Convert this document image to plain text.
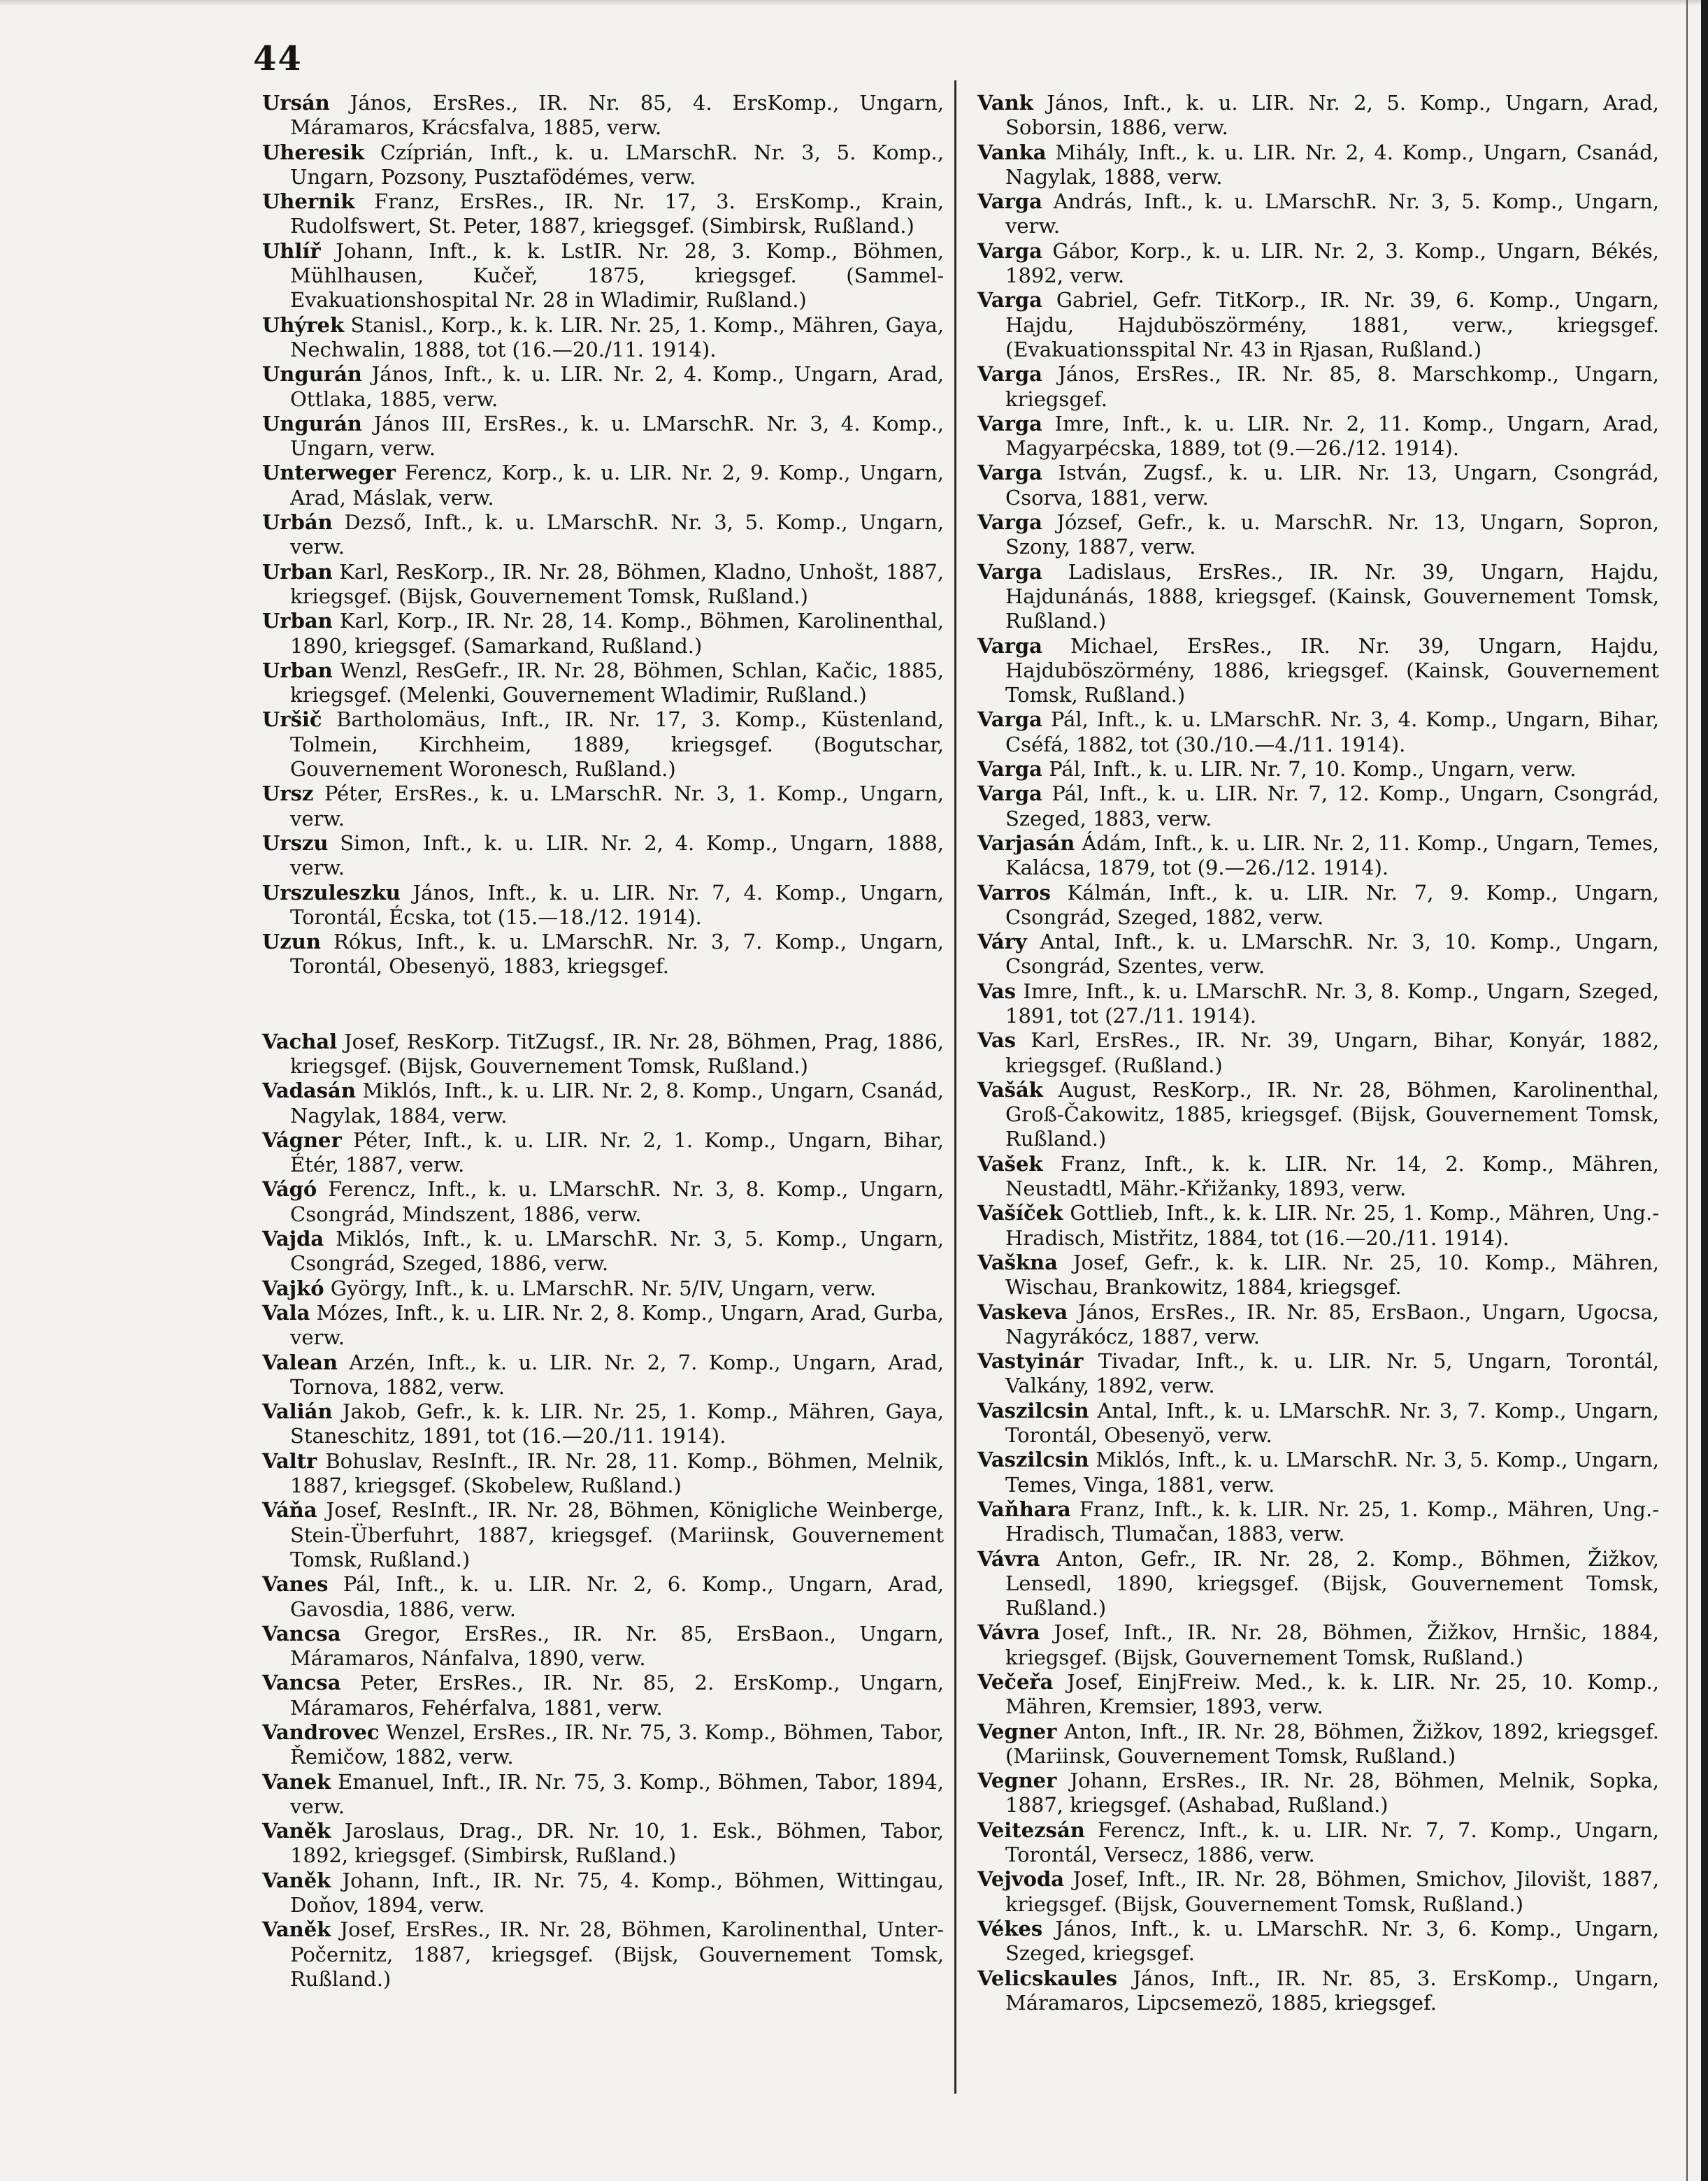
44

Ursán János, ErsRes., IR. Nr. 85, 4. ErsKomp., Ungarn, Máramaros, Krácsfalva, 1885, verw.

Uheresik Czíprián, Inft., k. u. LMarschR. Nr. 3, 5. Komp., Ungarn, Pozsony, Pusztafödémes, verw.

Uhernik Franz, ErsRes., IR. Nr. 17, 3. ErsKomp., Krain, Rudolfswert, St. Peter, 1887, kriegsgef. (Simbirsk, Rußland.)

Uhlíř Johann, Inft., k. k. LstIR. Nr. 28, 3. Komp., Böhmen, Mühlhausen, Kučeř, 1875, kriegsgef. (Sammel-Evakuationshospital Nr. 28 in Wladimir, Rußland.)

Uhýrek Stanisl., Korp., k. k. LIR. Nr. 25, 1. Komp., Mähren, Gaya, Nechwalin, 1888, tot (16.—20./11. 1914).

Ungurán János, Inft., k. u. LIR. Nr. 2, 4. Komp., Ungarn, Arad, Ottlaka, 1885, verw.

Ungurán János III, ErsRes., k. u. LMarschR. Nr. 3, 4. Komp., Ungarn, verw.

Unterweger Ferencz, Korp., k. u. LIR. Nr. 2, 9. Komp., Ungarn, Arad, Máslak, verw.

Urbán Dezső, Inft., k. u. LMarschR. Nr. 3, 5. Komp., Ungarn, verw.

Urban Karl, ResKorp., IR. Nr. 28, Böhmen, Kladno, Unhošt, 1887, kriegsgef. (Bijsk, Gouvernement Tomsk, Rußland.)

Urban Karl, Korp., IR. Nr. 28, 14. Komp., Böhmen, Karolinenthal, 1890, kriegsgef. (Samarkand, Rußland.)

Urban Wenzl, ResGefr., IR. Nr. 28, Böhmen, Schlan, Kačic, 1885, kriegsgef. (Melenki, Gouvernement Wladimir, Rußland.)

Uršič Bartholomäus, Inft., IR. Nr. 17, 3. Komp., Küstenland, Tolmein, Kirchheim, 1889, kriegsgef. (Bogutschar, Gouvernement Woronesch, Rußland.)

Ursz Péter, ErsRes., k. u. LMarschR. Nr. 3, 1. Komp., Ungarn, verw.

Urszu Simon, Inft., k. u. LIR. Nr. 2, 4. Komp., Ungarn, 1888, verw.

Urszuleszku János, Inft., k. u. LIR. Nr. 7, 4. Komp., Ungarn, Torontál, Écska, tot (15.—18./12. 1914).

Uzun Rókus, Inft., k. u. LMarschR. Nr. 3, 7. Komp., Ungarn, Torontál, Obesenyö, 1883, kriegsgef.

Vachal Josef, ResKorp. TitZugsf., IR. Nr. 28, Böhmen, Prag, 1886, kriegsgef. (Bijsk, Gouvernement Tomsk, Rußland.)

Vadasán Miklós, Inft., k. u. LIR. Nr. 2, 8. Komp., Ungarn, Csanád, Nagylak, 1884, verw.

Vágner Péter, Inft., k. u. LIR. Nr. 2, 1. Komp., Ungarn, Bihar, Étér, 1887, verw.

Vágó Ferencz, Inft., k. u. LMarschR. Nr. 3, 8. Komp., Ungarn, Csongrád, Mindszent, 1886, verw.

Vajda Miklós, Inft., k. u. LMarschR. Nr. 3, 5. Komp., Ungarn, Csongrád, Szeged, 1886, verw.

Vajkó György, Inft., k. u. LMarschR. Nr. 5/IV, Ungarn, verw.

Vala Mózes, Inft., k. u. LIR. Nr. 2, 8. Komp., Ungarn, Arad, Gurba, verw.

Valean Arzén, Inft., k. u. LIR. Nr. 2, 7. Komp., Ungarn, Arad, Tornova, 1882, verw.

Valián Jakob, Gefr., k. k. LIR. Nr. 25, 1. Komp., Mähren, Gaya, Staneschitz, 1891, tot (16.—20./11. 1914).

Valtr Bohuslav, ResInft., IR. Nr. 28, 11. Komp., Böhmen, Melnik, 1887, kriegsgef. (Skobelew, Rußland.)

Váňa Josef, ResInft., IR. Nr. 28, Böhmen, Königliche Weinberge, Stein-Überfuhrt, 1887, kriegsgef. (Mariinsk, Gouvernement Tomsk, Rußland.)

Vanes Pál, Inft., k. u. LIR. Nr. 2, 6. Komp., Ungarn, Arad, Gavosdia, 1886, verw.

Vancsa Gregor, ErsRes., IR. Nr. 85, ErsBaon., Ungarn, Máramaros, Nánfalva, 1890, verw.

Vancsa Peter, ErsRes., IR. Nr. 85, 2. ErsKomp., Ungarn, Máramaros, Fehérfalva, 1881, verw.

Vandrovec Wenzel, ErsRes., IR. Nr. 75, 3. Komp., Böhmen, Tabor, Řemičow, 1882, verw.

Vanek Emanuel, Inft., IR. Nr. 75, 3. Komp., Böhmen, Tabor, 1894, verw.

Vaněk Jaroslaus, Drag., DR. Nr. 10, 1. Esk., Böhmen, Tabor, 1892, kriegsgef. (Simbirsk, Rußland.)

Vaněk Johann, Inft., IR. Nr. 75, 4. Komp., Böhmen, Wittingau, Doňov, 1894, verw.

Vaněk Josef, ErsRes., IR. Nr. 28, Böhmen, Karolinenthal, Unter-Počernitz, 1887, kriegsgef. (Bijsk, Gouvernement Tomsk, Rußland.)

Vank János, Inft., k. u. LIR. Nr. 2, 5. Komp., Ungarn, Arad, Soborsin, 1886, verw.

Vanka Mihály, Inft., k. u. LIR. Nr. 2, 4. Komp., Ungarn, Csanád, Nagylak, 1888, verw.

Varga András, Inft., k. u. LMarschR. Nr. 3, 5. Komp., Ungarn, verw.

Varga Gábor, Korp., k. u. LIR. Nr. 2, 3. Komp., Ungarn, Békés, 1892, verw.

Varga Gabriel, Gefr. TitKorp., IR. Nr. 39, 6. Komp., Ungarn, Hajdu, Hajduböszörmény, 1881, verw., kriegsgef. (Evakuationsspital Nr. 43 in Rjasan, Rußland.)

Varga János, ErsRes., IR. Nr. 85, 8. Marschkomp., Ungarn, kriegsgef.

Varga Imre, Inft., k. u. LIR. Nr. 2, 11. Komp., Ungarn, Arad, Magyarpécska, 1889, tot (9.—26./12. 1914).

Varga István, Zugsf., k. u. LIR. Nr. 13, Ungarn, Csongrád, Csorva, 1881, verw.

Varga József, Gefr., k. u. MarschR. Nr. 13, Ungarn, Sopron, Szony, 1887, verw.

Varga Ladislaus, ErsRes., IR. Nr. 39, Ungarn, Hajdu, Hajdunánás, 1888, kriegsgef. (Kainsk, Gouvernement Tomsk, Rußland.)

Varga Michael, ErsRes., IR. Nr. 39, Ungarn, Hajdu, Hajduböszörmény, 1886, kriegsgef. (Kainsk, Gouvernement Tomsk, Rußland.)

Varga Pál, Inft., k. u. LMarschR. Nr. 3, 4. Komp., Ungarn, Bihar, Cséfá, 1882, tot (30./10.—4./11. 1914).

Varga Pál, Inft., k. u. LIR. Nr. 7, 10. Komp., Ungarn, verw.

Varga Pál, Inft., k. u. LIR. Nr. 7, 12. Komp., Ungarn, Csongrád, Szeged, 1883, verw.

Varjasán Ádám, Inft., k. u. LIR. Nr. 2, 11. Komp., Ungarn, Temes, Kalácsa, 1879, tot (9.—26./12. 1914).

Varros Kálmán, Inft., k. u. LIR. Nr. 7, 9. Komp., Ungarn, Csongrád, Szeged, 1882, verw.

Váry Antal, Inft., k. u. LMarschR. Nr. 3, 10. Komp., Ungarn, Csongrád, Szentes, verw.

Vas Imre, Inft., k. u. LMarschR. Nr. 3, 8. Komp., Ungarn, Szeged, 1891, tot (27./11. 1914).

Vas Karl, ErsRes., IR. Nr. 39, Ungarn, Bihar, Konyár, 1882, kriegsgef. (Rußland.)

Vašák August, ResKorp., IR. Nr. 28, Böhmen, Karolinenthal, Groß-Čakowitz, 1885, kriegsgef. (Bijsk, Gouvernement Tomsk, Rußland.)

Vašek Franz, Inft., k. k. LIR. Nr. 14, 2. Komp., Mähren, Neustadtl, Mähr.-Křižanky, 1893, verw.

Vašíček Gottlieb, Inft., k. k. LIR. Nr. 25, 1. Komp., Mähren, Ung.-Hradisch, Mistřitz, 1884, tot (16.—20./11. 1914).

Vaškna Josef, Gefr., k. k. LIR. Nr. 25, 10. Komp., Mähren, Wischau, Brankowitz, 1884, kriegsgef.

Vaskeva János, ErsRes., IR. Nr. 85, ErsBaon., Ungarn, Ugocsa, Nagyrákócz, 1887, verw.

Vastyinár Tivadar, Inft., k. u. LIR. Nr. 5, Ungarn, Torontál, Valkány, 1892, verw.

Vaszilcsin Antal, Inft., k. u. LMarschR. Nr. 3, 7. Komp., Ungarn, Torontál, Obesenyö, verw.

Vaszilcsin Miklós, Inft., k. u. LMarschR. Nr. 3, 5. Komp., Ungarn, Temes, Vinga, 1881, verw.

Vaňhara Franz, Inft., k. k. LIR. Nr. 25, 1. Komp., Mähren, Ung.-Hradisch, Tlumačan, 1883, verw.

Vávra Anton, Gefr., IR. Nr. 28, 2. Komp., Böhmen, Žižkov, Lensedl, 1890, kriegsgef. (Bijsk, Gouvernement Tomsk, Rußland.)

Vávra Josef, Inft., IR. Nr. 28, Böhmen, Žižkov, Hrnšic, 1884, kriegsgef. (Bijsk, Gouvernement Tomsk, Rußland.)

Večeřa Josef, EinjFreiw. Med., k. k. LIR. Nr. 25, 10. Komp., Mähren, Kremsier, 1893, verw.

Vegner Anton, Inft., IR. Nr. 28, Böhmen, Žižkov, 1892, kriegsgef. (Mariinsk, Gouvernement Tomsk, Rußland.)

Vegner Johann, ErsRes., IR. Nr. 28, Böhmen, Melnik, Sopka, 1887, kriegsgef. (Ashabad, Rußland.)

Veitezsán Ferencz, Inft., k. u. LIR. Nr. 7, 7. Komp., Ungarn, Torontál, Versecz, 1886, verw.

Vejvoda Josef, Inft., IR. Nr. 28, Böhmen, Smichov, Jilovišt, 1887, kriegsgef. (Bijsk, Gouvernement Tomsk, Rußland.)

Vékes János, Inft., k. u. LMarschR. Nr. 3, 6. Komp., Ungarn, Szeged, kriegsgef.

Velicskaules János, Inft., IR. Nr. 85, 3. ErsKomp., Ungarn, Máramaros, Lipcsemezö, 1885, kriegsgef.
